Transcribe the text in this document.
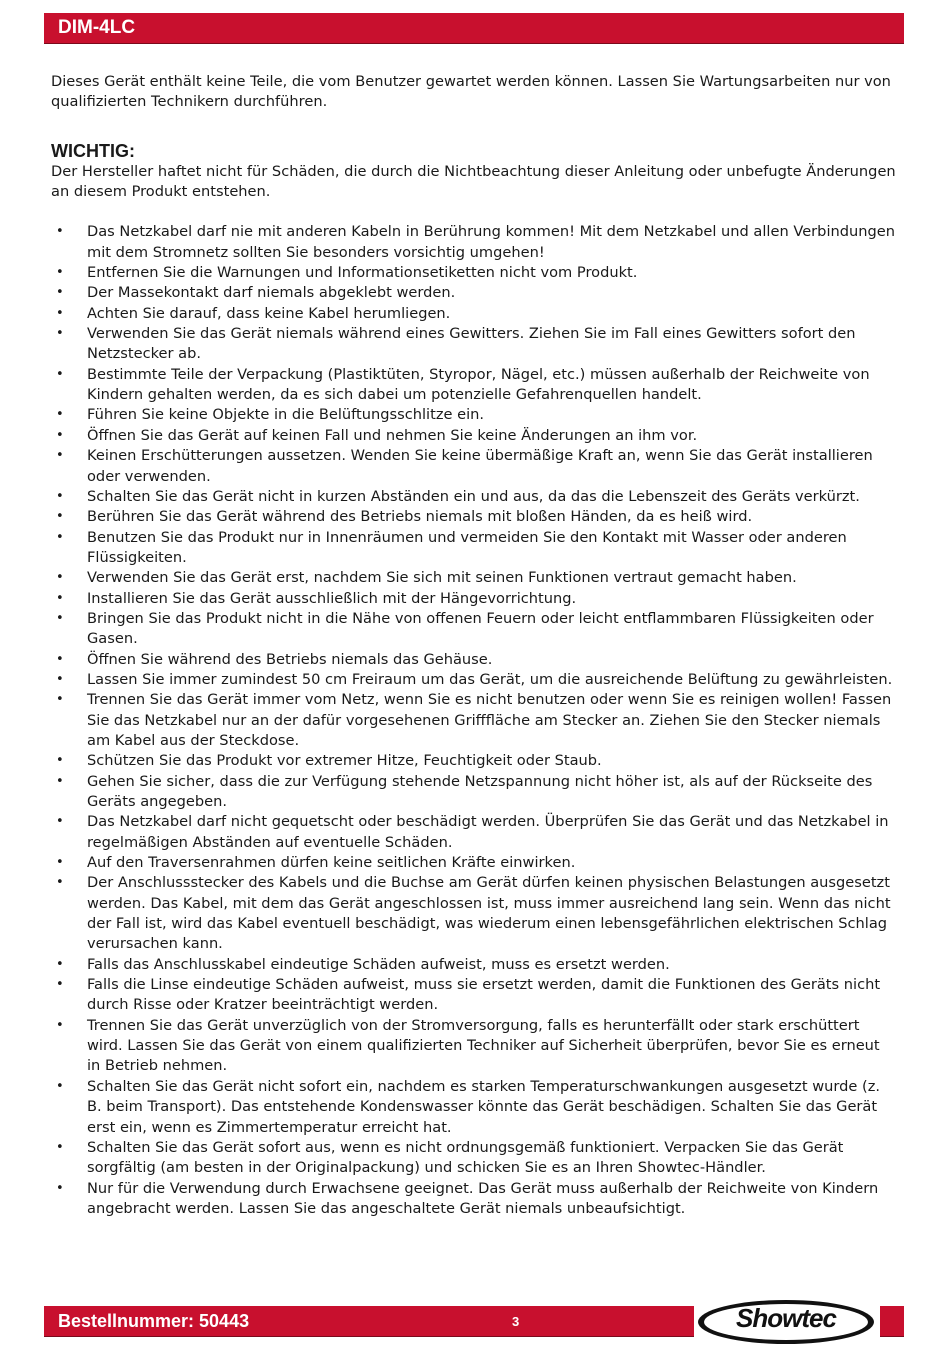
DIM-4LC

Dieses Gerät enthält keine Teile, die vom Benutzer gewartet werden können. Lassen Sie Wartungsarbeiten nur von qualifizierten Technikern durchführen.

WICHTIG:

Der Hersteller haftet nicht für Schäden, die durch die Nichtbeachtung dieser Anleitung oder unbefugte Änderungen an diesem Produkt entstehen.

• Das Netzkabel darf nie mit anderen Kabeln in Berührung kommen! Mit dem Netzkabel und allen Verbindungen mit dem Stromnetz sollten Sie besonders vorsichtig umgehen!
• Entfernen Sie die Warnungen und Informationsetiketten nicht vom Produkt.
• Der Massekontakt darf niemals abgeklebt werden.
• Achten Sie darauf, dass keine Kabel herumliegen.
• Verwenden Sie das Gerät niemals während eines Gewitters. Ziehen Sie im Fall eines Gewitters sofort den Netzstecker ab.
• Bestimmte Teile der Verpackung (Plastiktüten, Styropor, Nägel, etc.) müssen außerhalb der Reichweite von Kindern gehalten werden, da es sich dabei um potenzielle Gefahrenquellen handelt.
• Führen Sie keine Objekte in die Belüftungsschlitze ein.
• Öffnen Sie das Gerät auf keinen Fall und nehmen Sie keine Änderungen an ihm vor.
• Keinen Erschütterungen aussetzen. Wenden Sie keine übermäßige Kraft an, wenn Sie das Gerät installieren oder verwenden.
• Schalten Sie das Gerät nicht in kurzen Abständen ein und aus, da das die Lebenszeit des Geräts verkürzt.
• Berühren Sie das Gerät während des Betriebs niemals mit bloßen Händen, da es heiß wird.
• Benutzen Sie das Produkt nur in Innenräumen und vermeiden Sie den Kontakt mit Wasser oder anderen Flüssigkeiten.
• Verwenden Sie das Gerät erst, nachdem Sie sich mit seinen Funktionen vertraut gemacht haben.
• Installieren Sie das Gerät ausschließlich mit der Hängevorrichtung.
• Bringen Sie das Produkt nicht in die Nähe von offenen Feuern oder leicht entflammbaren Flüssigkeiten oder Gasen.
• Öffnen Sie während des Betriebs niemals das Gehäuse.
• Lassen Sie immer zumindest 50 cm Freiraum um das Gerät, um die ausreichende Belüftung zu gewährleisten.
• Trennen Sie das Gerät immer vom Netz, wenn Sie es nicht benutzen oder wenn Sie es reinigen wollen! Fassen Sie das Netzkabel nur an der dafür vorgesehenen Grifffläche am Stecker an. Ziehen Sie den Stecker niemals am Kabel aus der Steckdose.
• Schützen Sie das Produkt vor extremer Hitze, Feuchtigkeit oder Staub.
• Gehen Sie sicher, dass die zur Verfügung stehende Netzspannung nicht höher ist, als auf der Rückseite des Geräts angegeben.
• Das Netzkabel darf nicht gequetscht oder beschädigt werden. Überprüfen Sie das Gerät und das Netzkabel in regelmäßigen Abständen auf eventuelle Schäden.
• Auf den Traversenrahmen dürfen keine seitlichen Kräfte einwirken.
• Der Anschlussstecker des Kabels und die Buchse am Gerät dürfen keinen physischen Belastungen ausgesetzt werden. Das Kabel, mit dem das Gerät angeschlossen ist, muss immer ausreichend lang sein. Wenn das nicht der Fall ist, wird das Kabel eventuell beschädigt, was wiederum einen lebensgefährlichen elektrischen Schlag verursachen kann.
• Falls das Anschlusskabel eindeutige Schäden aufweist, muss es ersetzt werden.
• Falls die Linse eindeutige Schäden aufweist, muss sie ersetzt werden, damit die Funktionen des Geräts nicht durch Risse oder Kratzer beeinträchtigt werden.
• Trennen Sie das Gerät unverzüglich von der Stromversorgung, falls es herunterfällt oder stark erschüttert wird. Lassen Sie das Gerät von einem qualifizierten Techniker auf Sicherheit überprüfen, bevor Sie es erneut in Betrieb nehmen.
• Schalten Sie das Gerät nicht sofort ein, nachdem es starken Temperaturschwankungen ausgesetzt wurde (z. B. beim Transport). Das entstehende Kondenswasser könnte das Gerät beschädigen. Schalten Sie das Gerät erst ein, wenn es Zimmertemperatur erreicht hat.
• Schalten Sie das Gerät sofort aus, wenn es nicht ordnungsgemäß funktioniert. Verpacken Sie das Gerät sorgfältig (am besten in der Originalpackung) und schicken Sie es an Ihren Showtec-Händler.
• Nur für die Verwendung durch Erwachsene geeignet. Das Gerät muss außerhalb der Reichweite von Kindern angebracht werden. Lassen Sie das angeschaltete Gerät niemals unbeaufsichtigt.
Bestellnummer: 50443	3	Showtec
